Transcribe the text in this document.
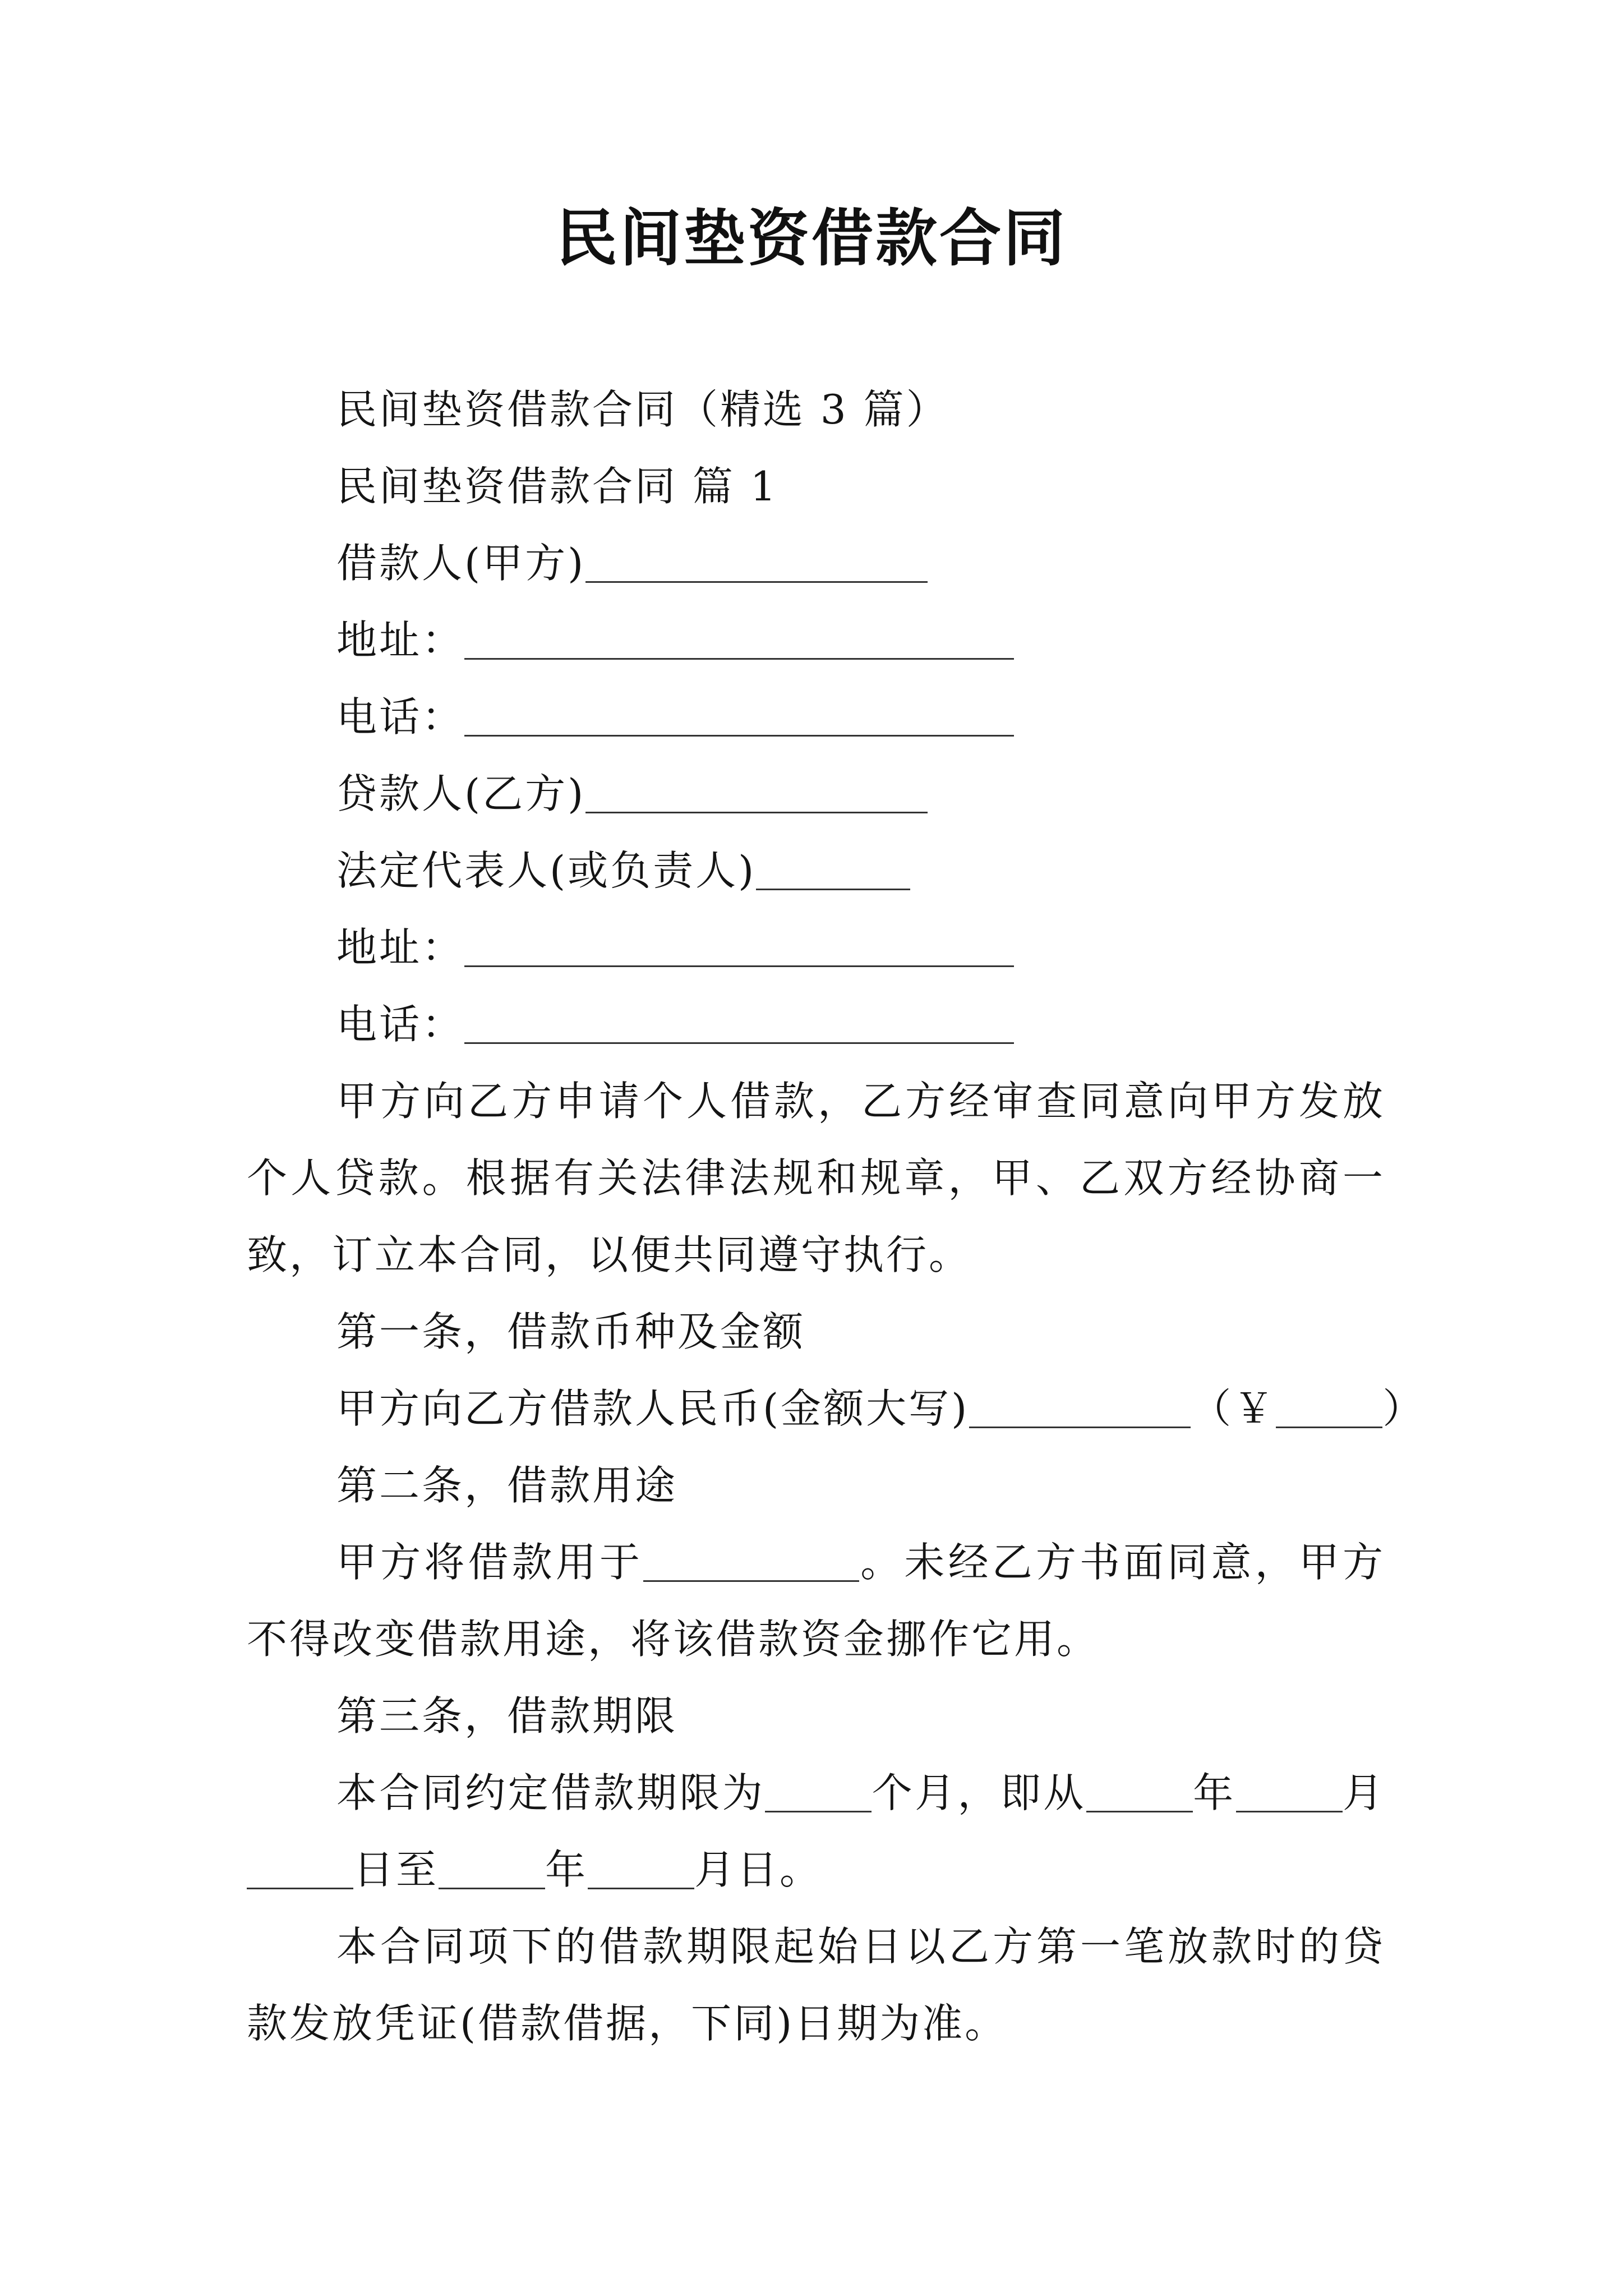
民间垫资借款合同
民间垫资借款合同（精选 3 篇）
民间垫资借款合同 篇 1
借款人(甲方)
地址：
电话：
贷款人(乙方)
法定代表人(或负责人)
地址：
电话：
甲方向乙方申请个人借款，乙方经审查同意向甲方发放个人贷款。根据有关法律法规和规章，甲、乙双方经协商一致，订立本合同，以便共同遵守执行。
第一条，借款币种及金额
甲方向乙方借款人民币(金额大写)	（￥	）
第二条，借款用途
甲方将借款用于	。未经乙方书面同意，甲方不得改变借款用途，将该借款资金挪作它用。
第三条，借款期限
本合同约定借款期限为	个月，即从	年	月日至	年	月日。
本合同项下的借款期限起始日以乙方第一笔放款时的贷款发放凭证(借款借据，下同)日期为准。
